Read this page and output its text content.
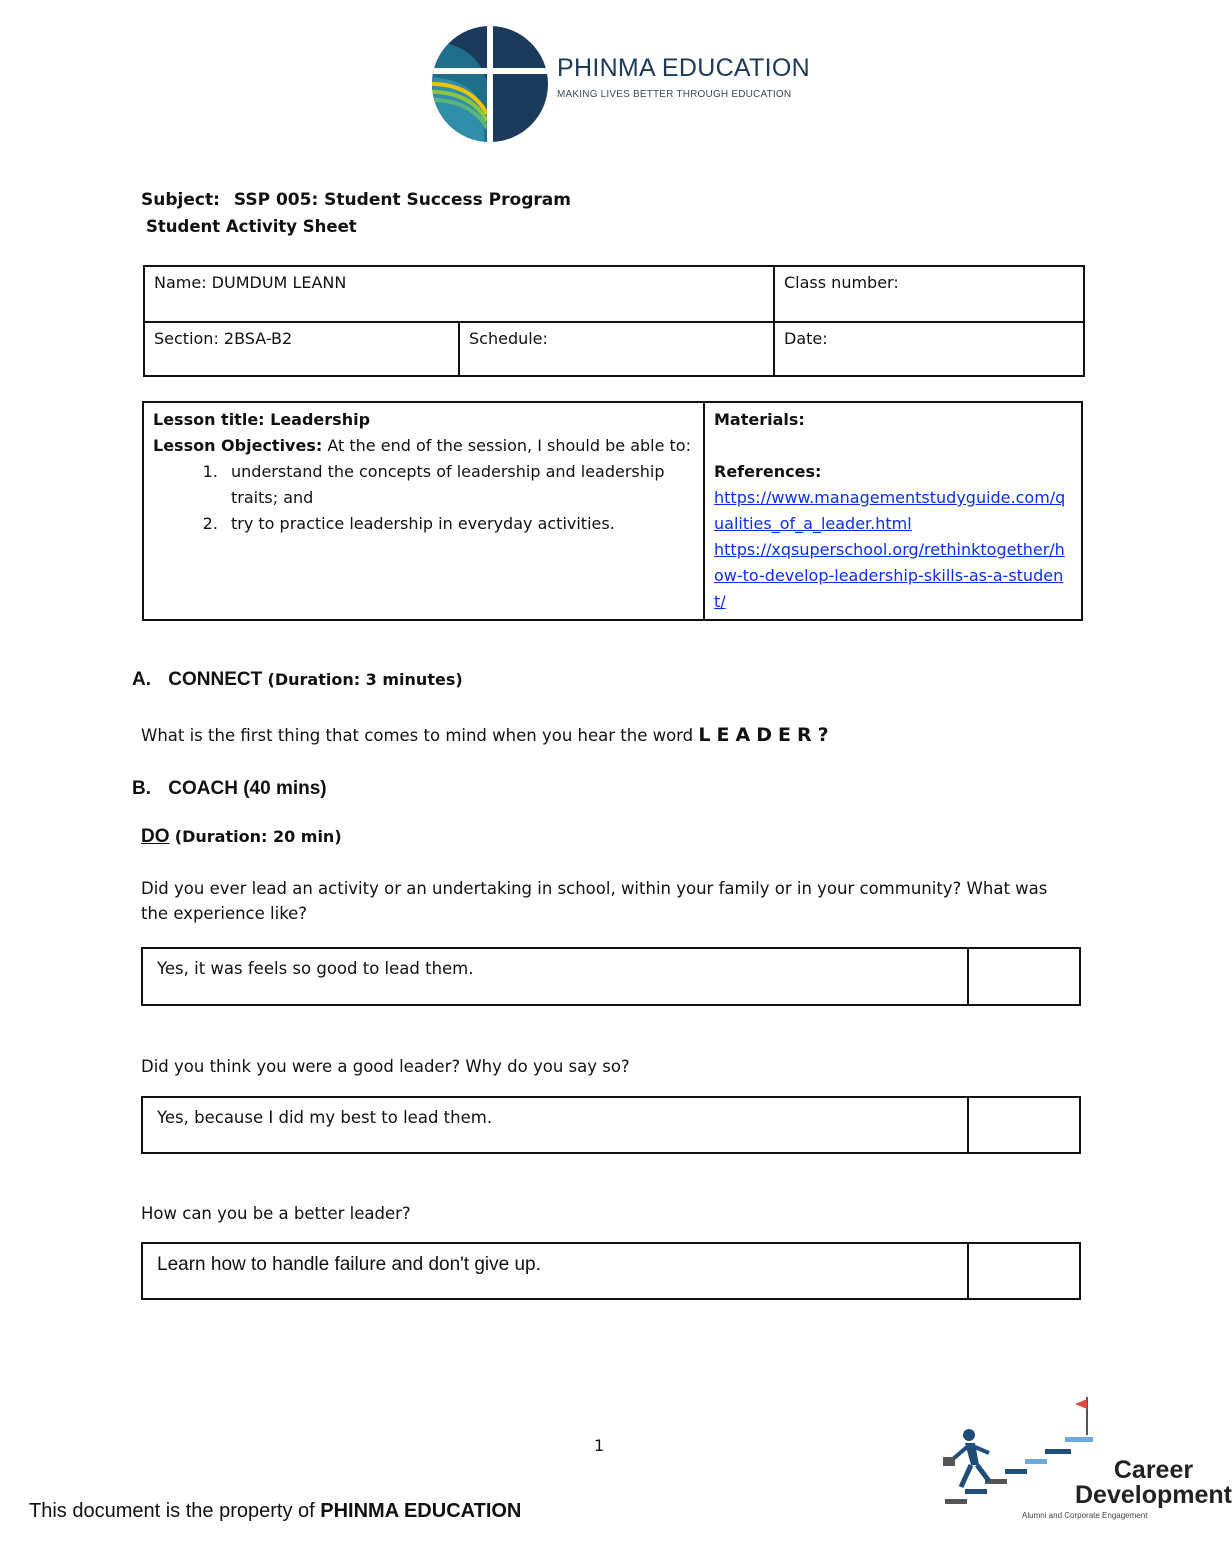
PHINMA EDUCATION
MAKING LIVES BETTER THROUGH EDUCATION
Subject: SSP 005: Student Success Program
Student Activity Sheet
Name: DUMDUM LEANN		Class number:
Section: 2BSA-B2	Schedule:	Date:
Lesson title: Leadership
Lesson Objectives: At the end of the session, I should be able to:
1. understand the concepts of leadership and leadership traits; and
2. try to practice leadership in everyday activities.

Materials:
References:
https://www.managementstudyguide.com/qualities_of_a_leader.html
https://xqsuperschool.org/rethinktogether/how-to-develop-leadership-skills-as-a-student/
A. CONNECT (Duration: 3 minutes)
What is the first thing that comes to mind when you hear the word LEADER?
B. COACH (40 mins)
DO (Duration: 20 min)
Did you ever lead an activity or an undertaking in school, within your family or in your community? What was the experience like?
Yes, it was feels so good to lead them.	
Did you think you were a good leader? Why do you say so?
Yes, because I did my best to lead them.	
How can you be a better leader?
Learn how to handle failure and don't give up.	
1
This document is the property of PHINMA EDUCATION
Career
Development
Alumni and Corporate Engagement
